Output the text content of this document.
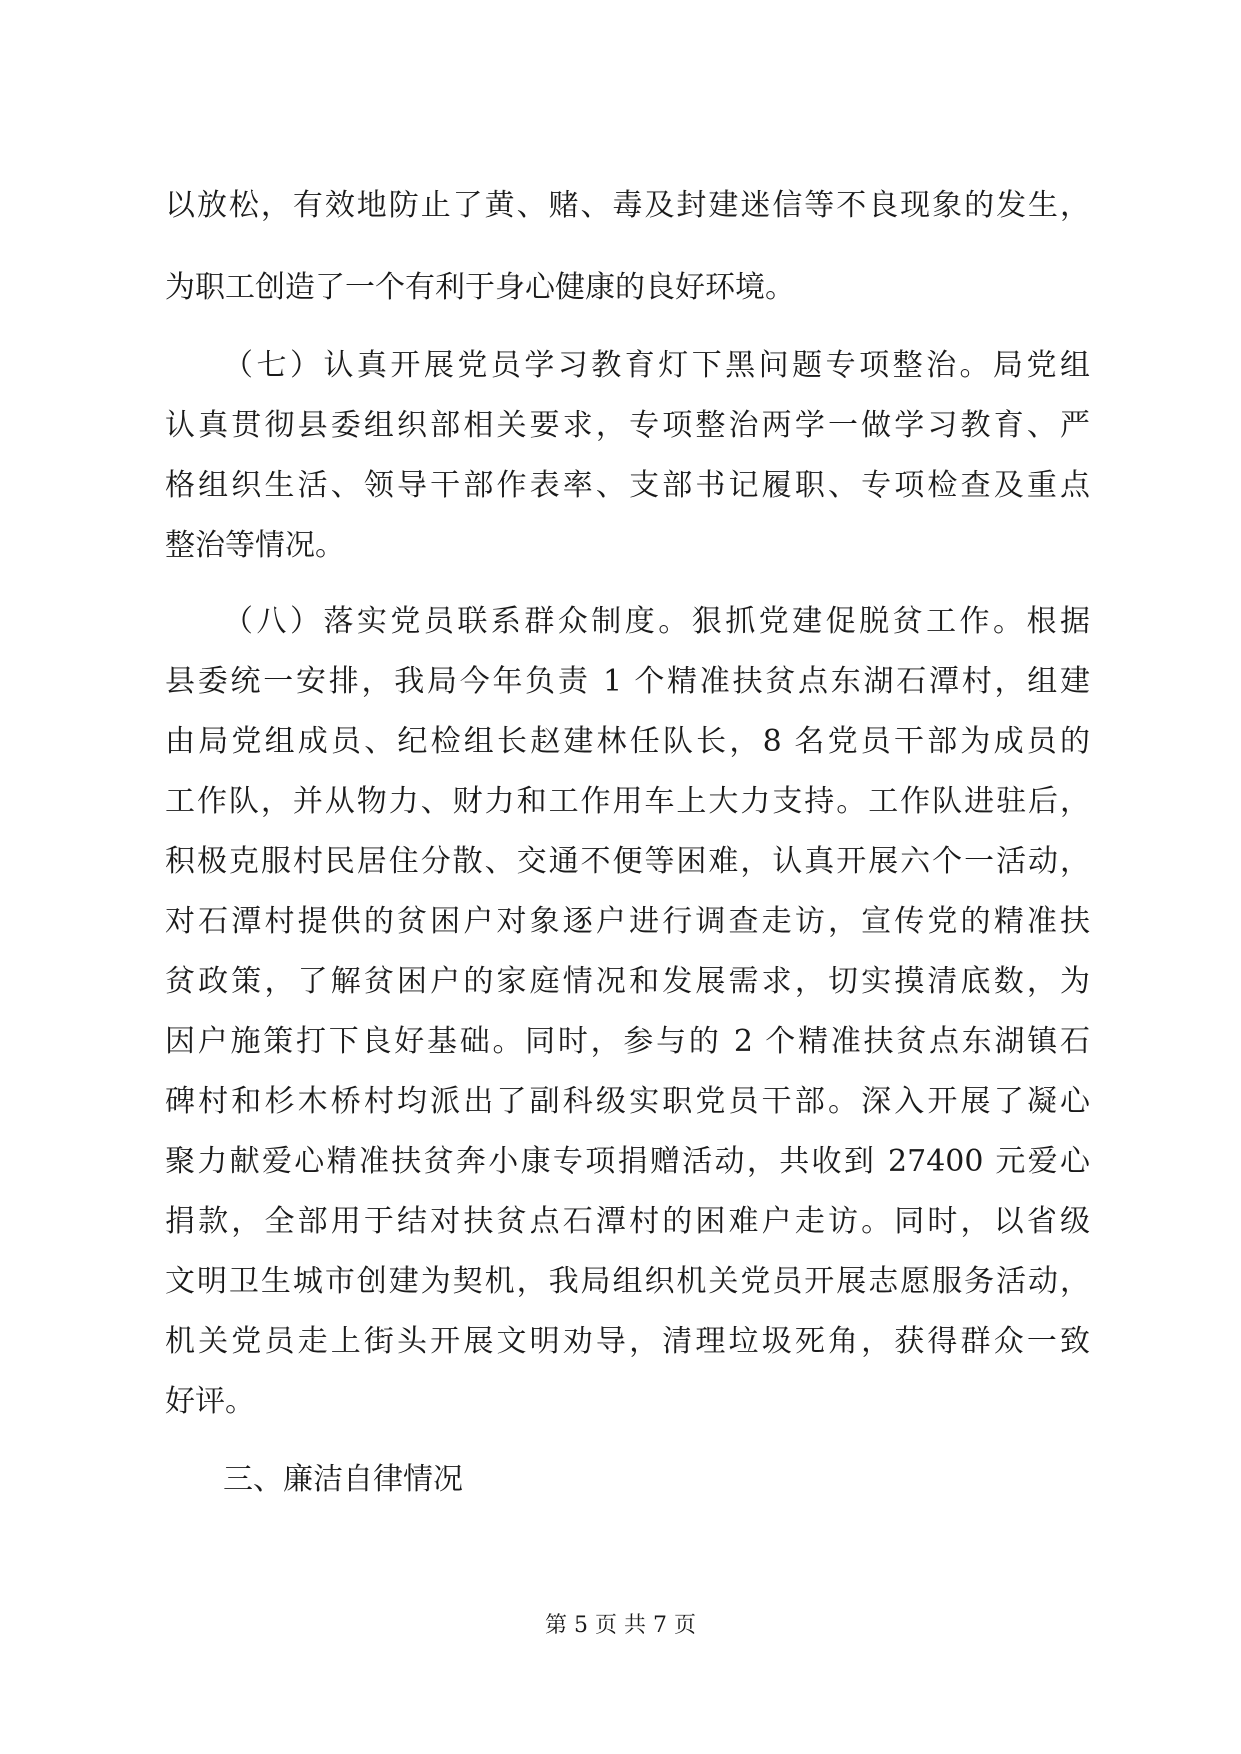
以放松，有效地防止了黄、赌、毒及封建迷信等不良现象的发生，
为职工创造了一个有利于身心健康的良好环境。
（七）认真开展党员学习教育灯下黑问题专项整治。局党组
认真贯彻县委组织部相关要求，专项整治两学一做学习教育、严
格组织生活、领导干部作表率、支部书记履职、专项检查及重点
整治等情况。
（八）落实党员联系群众制度。狠抓党建促脱贫工作。根据
县委统一安排，我局今年负责 1 个精准扶贫点东湖石潭村，组建
由局党组成员、纪检组长赵建林任队长，8 名党员干部为成员的
工作队，并从物力、财力和工作用车上大力支持。工作队进驻后，
积极克服村民居住分散、交通不便等困难，认真开展六个一活动，
对石潭村提供的贫困户对象逐户进行调查走访，宣传党的精准扶
贫政策，了解贫困户的家庭情况和发展需求，切实摸清底数，为
因户施策打下良好基础。同时，参与的 2 个精准扶贫点东湖镇石
碑村和杉木桥村均派出了副科级实职党员干部。深入开展了凝心
聚力献爱心精准扶贫奔小康专项捐赠活动，共收到 27400 元爱心
捐款，全部用于结对扶贫点石潭村的困难户走访。同时，以省级
文明卫生城市创建为契机，我局组织机关党员开展志愿服务活动，
机关党员走上街头开展文明劝导，清理垃圾死角，获得群众一致
好评。
三、廉洁自律情况
第 5 页 共 7 页
